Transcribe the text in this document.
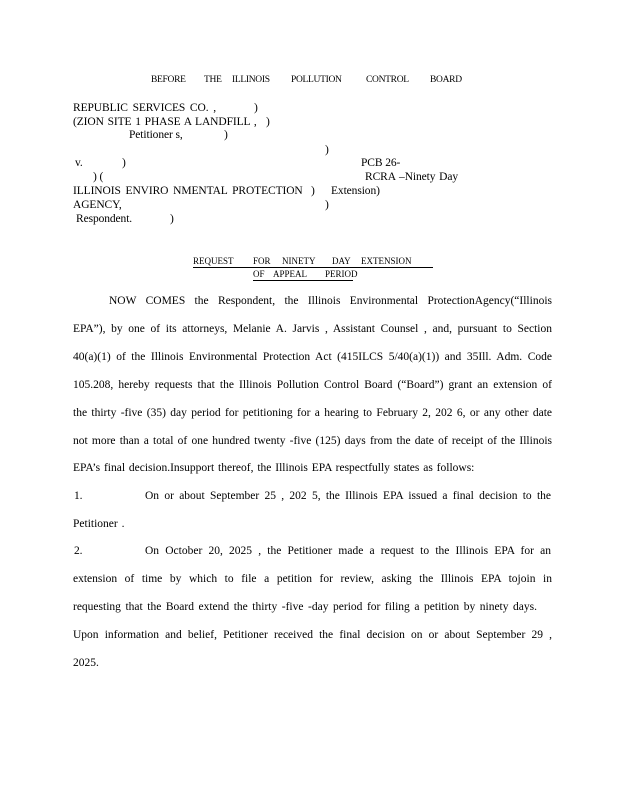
BEFORE THE ILLINOIS POLLUTION	CONTROL BOARD
REPUBLIC SERVICES CO. ,	)
(ZION SITE 1 PHASE A LANDFILL , )
Petitioner s,	)
)
v.	)	PCB 26-
) (	RCRA –Ninety Day
ILLINOIS ENVIRO NMENTAL PROTECTION ) Extension)
AGENCY,	)
Respondent.	)
REQUEST FOR NINETY DAY EXTENSION
OF APPEAL PERIOD
NOW COMES the Respondent, the Illinois Environmental ProtectionAgency(“Illinois
EPA”), by one of its attorneys, Melanie A. Jarvis , Assistant Counsel , and, pursuant to Section
40(a)(1) of the Illinois Environmental Protection Act (415ILCS 5/40(a)(1)) and 35Ill. Adm. Code
105.208, hereby requests that the Illinois Pollution Control Board (“Board”) grant an extension of
the thirty -five (35) day period for petitioning for a hearing to February 2, 202 6, or any other date
not more than a total of one hundred twenty -five (125) days from the date of receipt of the Illinois
EPA’s final decision.Insupport thereof, the Illinois EPA respectfully states as follows:
1.	On or about September 25 , 202 5, the Illinois EPA issued a final decision to the
Petitioner .
2.	On October 20, 2025 , the Petitioner made a request to the Illinois EPA for an
extension of time by which to file a petition for review, asking the Illinois EPA tojoin in
requesting that the Board extend the thirty -five -day period for filing a petition by ninety days.
Upon information and belief, Petitioner received the final decision on or about September 29 ,
2025.
